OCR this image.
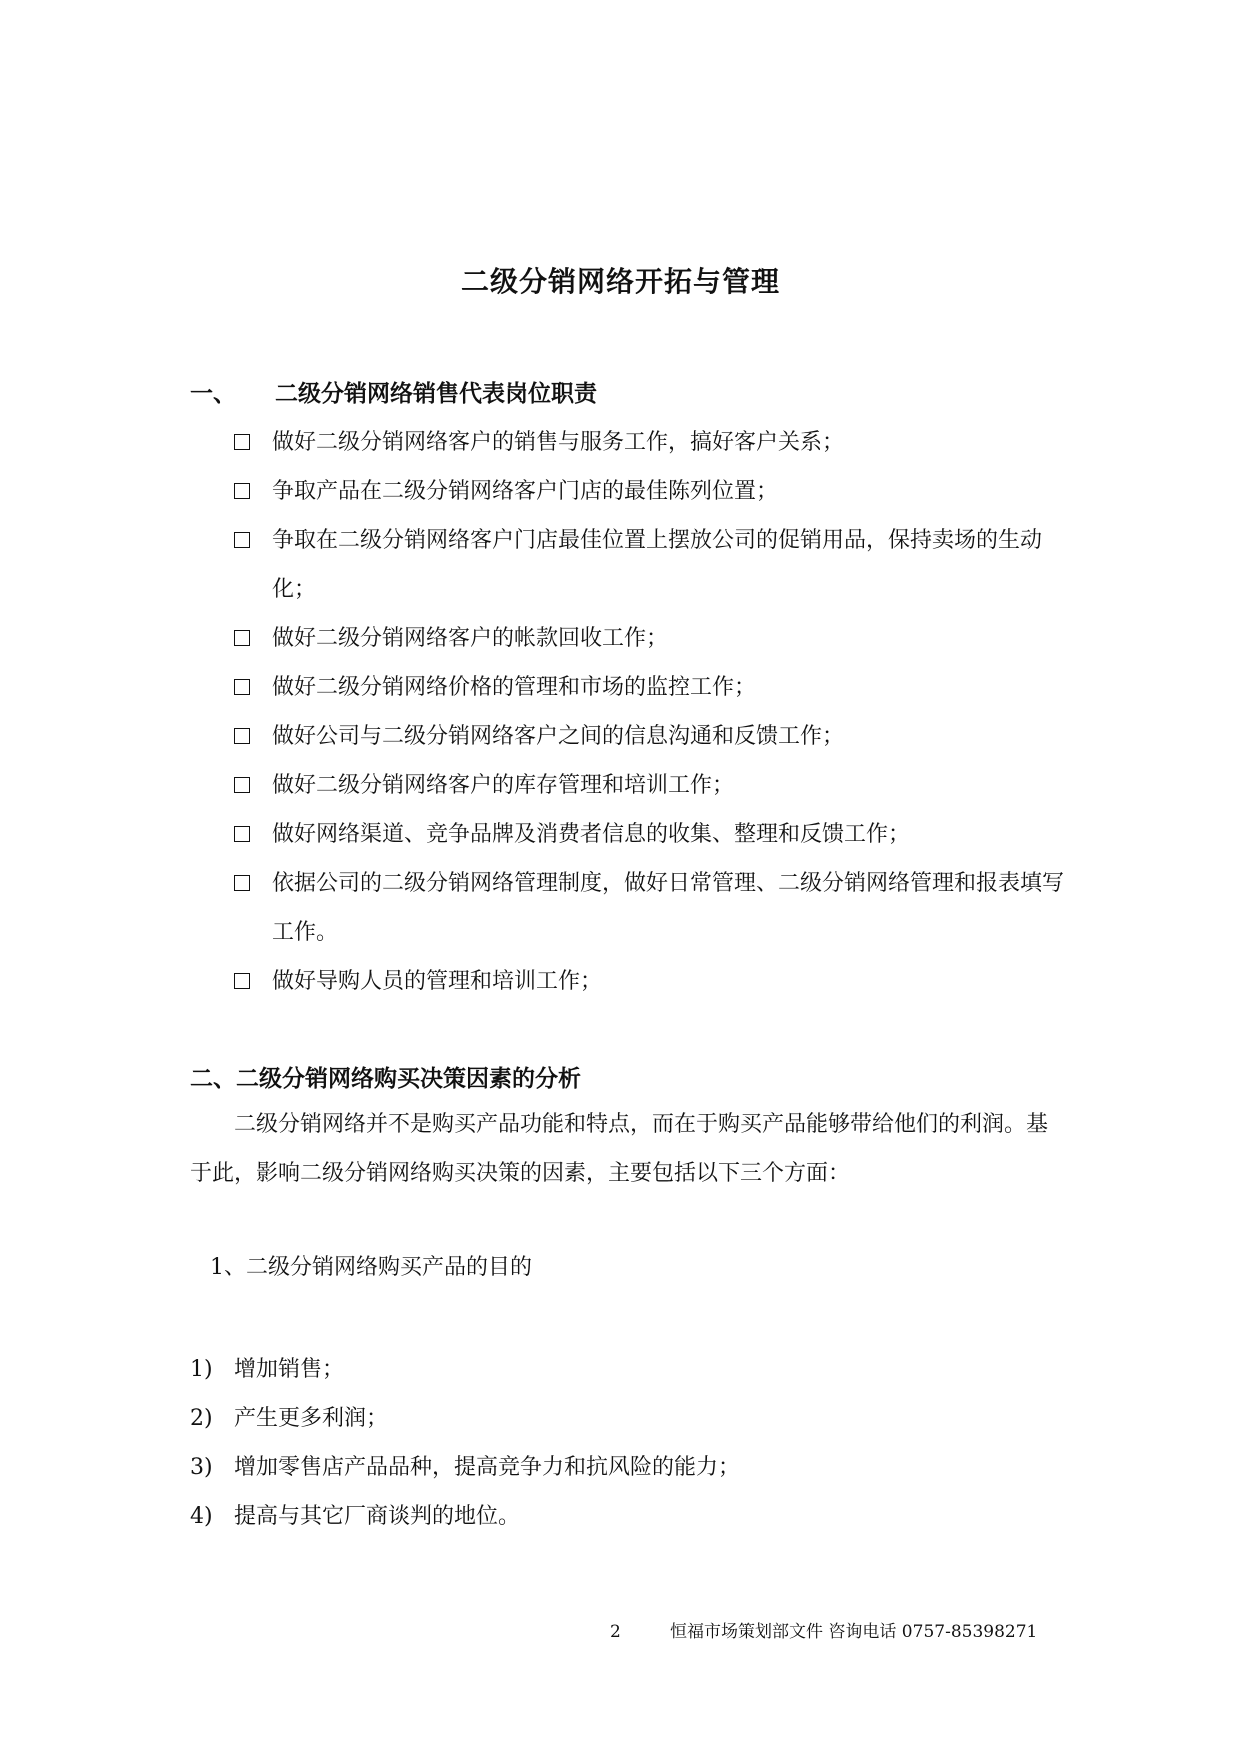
二级分销网络开拓与管理
一、 二级分销网络销售代表岗位职责
做好二级分销网络客户的销售与服务工作，搞好客户关系；
争取产品在二级分销网络客户门店的最佳陈列位置；
争取在二级分销网络客户门店最佳位置上摆放公司的促销用品，保持卖场的生动化；
做好二级分销网络客户的帐款回收工作；
做好二级分销网络价格的管理和市场的监控工作；
做好公司与二级分销网络客户之间的信息沟通和反馈工作；
做好二级分销网络客户的库存管理和培训工作；
做好网络渠道、竞争品牌及消费者信息的收集、整理和反馈工作；
依据公司的二级分销网络管理制度，做好日常管理、二级分销网络管理和报表填写工作。
做好导购人员的管理和培训工作；
二、二级分销网络购买决策因素的分析

二级分销网络并不是购买产品功能和特点，而在于购买产品能够带给他们的利润。基于此，影响二级分销网络购买决策的因素，主要包括以下三个方面：

1、二级分销网络购买产品的目的
1) 增加销售；
2) 产生更多利润；
3) 增加零售店产品品种，提高竞争力和抗风险的能力；
4) 提高与其它厂商谈判的地位。
2	恒福市场策划部文件 咨询电话 0757-85398271
